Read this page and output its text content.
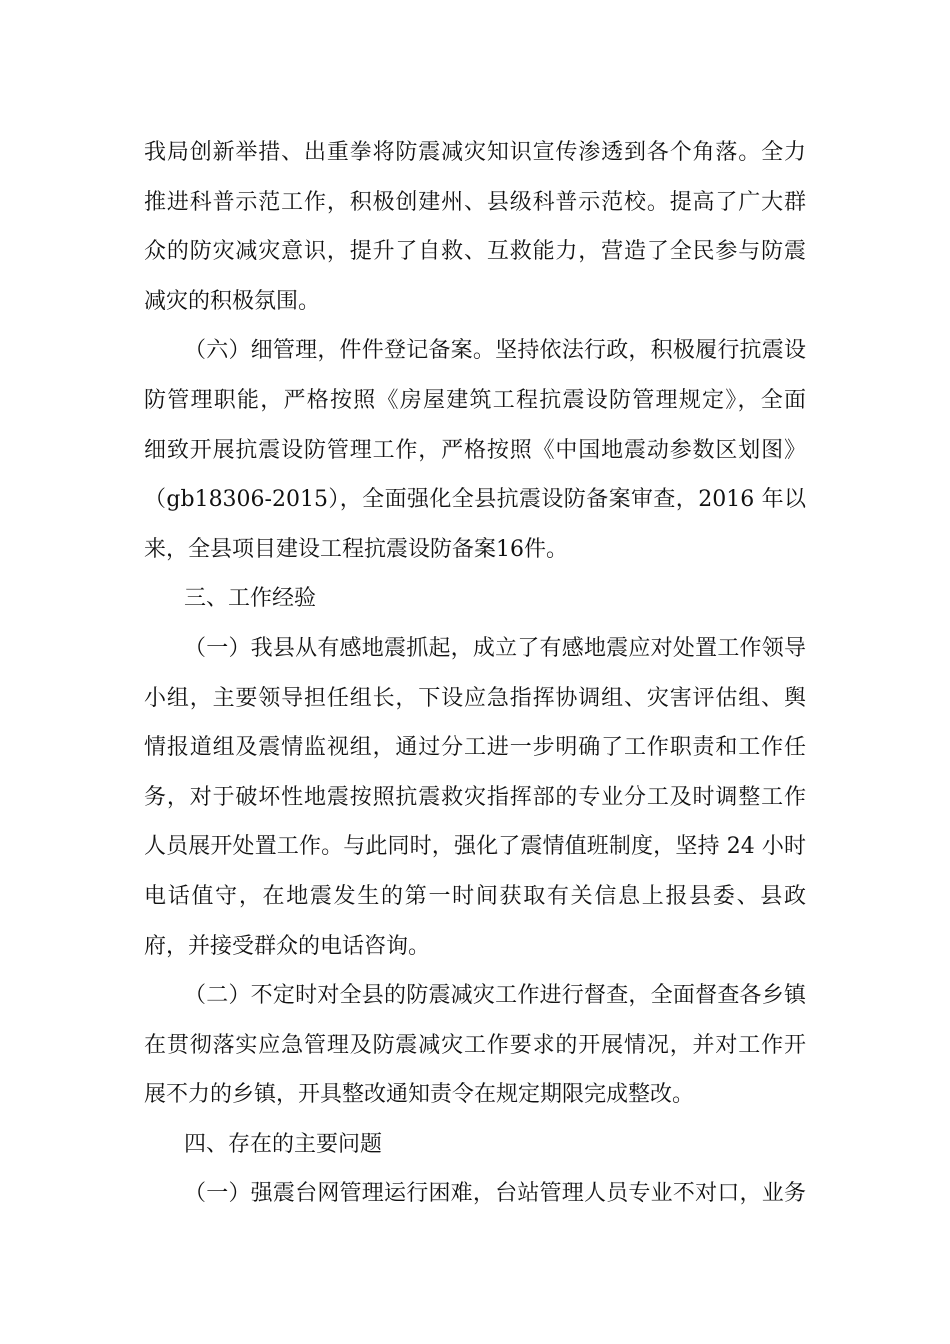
我局创新举措、出重拳将防震减灾知识宣传渗透到各个角落。全力
推进科普示范工作，积极创建州、县级科普示范校。提高了广大群
众的防灾减灾意识，提升了自救、互救能力，营造了全民参与防震
减灾的积极氛围。
（六）细管理，件件登记备案。坚持依法行政，积极履行抗震设
防管理职能，严格按照《房屋建筑工程抗震设防管理规定》，全面
细致开展抗震设防管理工作，严格按照《中国地震动参数区划图》
（gb18306-2015），全面强化全县抗震设防备案审查，2016 年以
来，全县项目建设工程抗震设防备案16件。
三、工作经验
（一）我县从有感地震抓起，成立了有感地震应对处置工作领导
小组，主要领导担任组长，下设应急指挥协调组、灾害评估组、舆
情报道组及震情监视组，通过分工进一步明确了工作职责和工作任
务，对于破坏性地震按照抗震救灾指挥部的专业分工及时调整工作
人员展开处置工作。与此同时，强化了震情值班制度，坚持 24 小时
电话值守，在地震发生的第一时间获取有关信息上报县委、县政
府，并接受群众的电话咨询。
（二）不定时对全县的防震减灾工作进行督查，全面督查各乡镇
在贯彻落实应急管理及防震减灾工作要求的开展情况，并对工作开
展不力的乡镇，开具整改通知责令在规定期限完成整改。
四、存在的主要问题
（一）强震台网管理运行困难，台站管理人员专业不对口，业务
